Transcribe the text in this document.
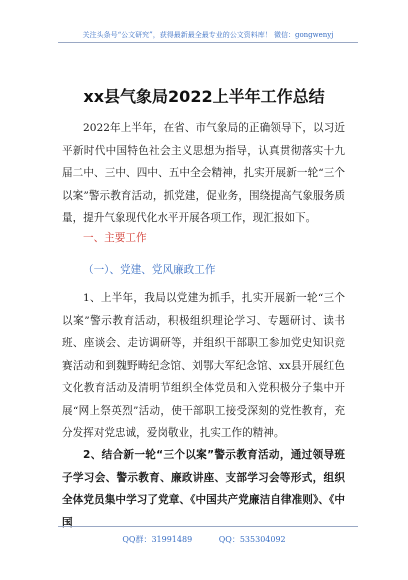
关注头条号“公文研究”，获得最新最全最专业的公文资料库！ 微信：gongwenyj
xx县气象局2022上半年工作总结
2022年上半年，在省、市气象局的正确领导下，以习近平新时代中国特色社会主义思想为指导，认真贯彻落实十九届二中、三中、四中、五中全会精神，扎实开展新一轮“三个以案”警示教育活动，抓党建，促业务，围绕提高气象服务质量，提升气象现代化水平开展各项工作，现汇报如下。
一、主要工作
（一）、党建、党风廉政工作
1、上半年，我局以党建为抓手，扎实开展新一轮“三个以案”警示教育活动，积极组织理论学习、专题研讨、读书班、座谈会、走访调研等，并组织干部职工参加党史知识竞赛活动和到魏野畴纪念馆、刘鄂大军纪念馆、xx县开展红色文化教育活动及清明节组织全体党员和入党积极分子集中开展“网上祭英烈”活动，使干部职工接受深刻的党性教育，充分发挥对党忠诚，爱岗敬业，扎实工作的精神。
2、结合新一轮“三个以案”警示教育活动，通过领导班子学习会、警示教育、廉政讲座、支部学习会等形式，组织全体党员集中学习了党章、《中国共产党廉洁自律准则》、《中国
QQ群：31991489	QQ：535304092
